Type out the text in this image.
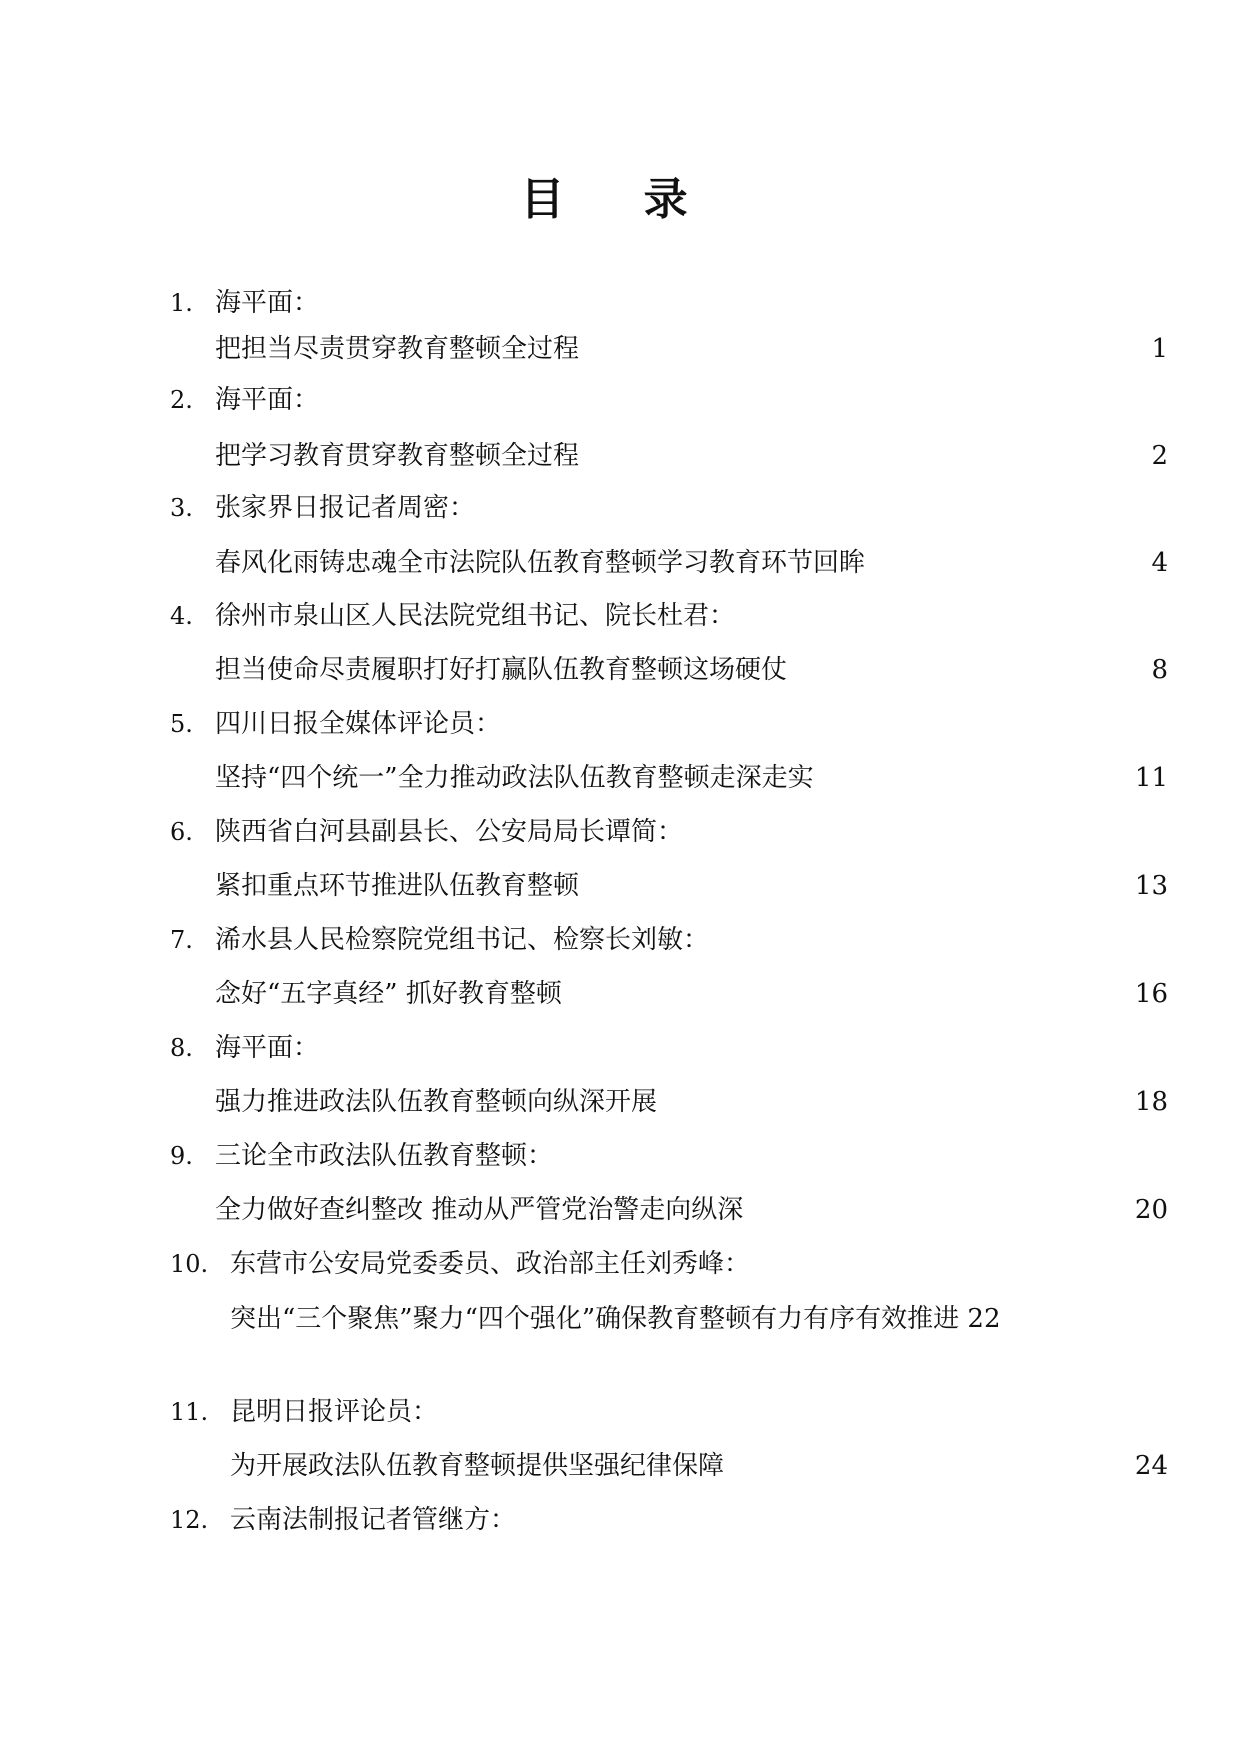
目 录
1. 海平面：
把担当尽责贯穿教育整顿全过程	1
2. 海平面：
把学习教育贯穿教育整顿全过程	2
3. 张家界日报记者周密：
春风化雨铸忠魂全市法院队伍教育整顿学习教育环节回眸	4
4. 徐州市泉山区人民法院党组书记、院长杜君：
担当使命尽责履职打好打赢队伍教育整顿这场硬仗	8
5. 四川日报全媒体评论员：
坚持“四个统一”全力推动政法队伍教育整顿走深走实	11
6. 陕西省白河县副县长、公安局局长谭简：
紧扣重点环节推进队伍教育整顿	13
7. 浠水县人民检察院党组书记、检察长刘敏：
念好“五字真经” 抓好教育整顿	16
8. 海平面：
强力推进政法队伍教育整顿向纵深开展	18
9. 三论全市政法队伍教育整顿：
全力做好查纠整改 推动从严管党治警走向纵深	20
10. 东营市公安局党委委员、政治部主任刘秀峰：
突出“三个聚焦”聚力“四个强化”确保教育整顿有力有序有效推进 22
11. 昆明日报评论员：
为开展政法队伍教育整顿提供坚强纪律保障	24
12. 云南法制报记者管继方：
